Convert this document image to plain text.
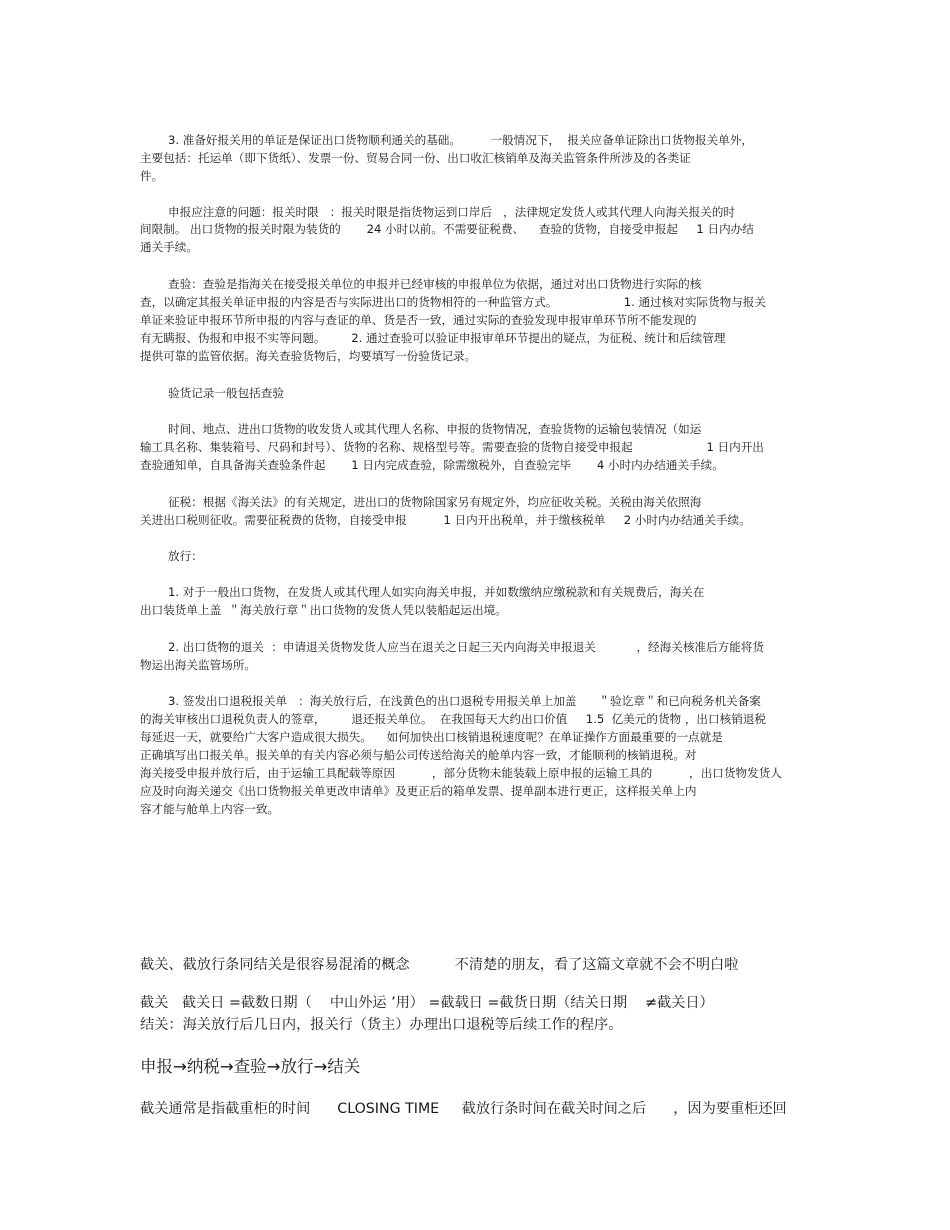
3. 准备好报关用的单证是保证出口货物顺利通关的基础。        一般情况下，  报关应备单证除出口货物报关单外，
主要包括：托运单（即下货纸）、发票一份、贸易合同一份、出口收汇核销单及海关监管条件所涉及的各类证
件。
申报应注意的问题：报关时限   ：报关时限是指货物运到口岸后   ，法律规定发货人或其代理人向海关报关的时
间限制。 出口货物的报关时限为装货的       24 小时以前。不需要征税费、    查验的货物，自接受申报起     1 日内办结
通关手续。
查验：查验是指海关在接受报关单位的申报并已经审核的申报单位为依据，通过对出口货物进行实际的核
查，以确定其报关单证申报的内容是否与实际进出口的货物相符的一种监管方式。                  1. 通过核对实际货物与报关
单证来验证申报环节所申报的内容与查证的单、货是否一致，通过实际的查验发现申报审单环节所不能发现的
有无瞒报、伪报和申报不实等问题。       2. 通过查验可以验证申报审单环节提出的疑点，为征税、统计和后续管理
提供可靠的监管依据。海关查验货物后，均要填写一份验货记录。
验货记录一般包括查验
时间、地点、进出口货物的收发货人或其代理人名称、申报的货物情况，查验货物的运输包装情况（如运
输工具名称、集装箱号、尺码和封号）、货物的名称、规格型号等。需要查验的货物自接受申报起                    1 日内开出
查验通知单，自具备海关查验条件起       1 日内完成查验，除需缴税外，自查验完毕       4 小时内办结通关手续。
征税：根据《海关法》的有关规定，进出口的货物除国家另有规定外，均应征收关税。关税由海关依照海
关进出口税则征收。需要征税费的货物，自接受申报          1 日内开出税单，并于缴核税单     2 小时内办结通关手续。
放行：
1. 对于一般出口货物，在发货人或其代理人如实向海关申报，并如数缴纳应缴税款和有关规费后，海关在
出口装货单上盖  ＂海关放行章＂出口货物的发货人凭以装船起运出境。
2. 出口货物的退关  ：申请退关货物发货人应当在退关之日起三天内向海关申报退关           ，经海关核准后方能将货
物运出海关监管场所。
3. 签发出口退税报关单   ：海关放行后，在浅黄色的出口退税专用报关单上加盖      ＂验讫章＂和已向税务机关备案
的海关审核出口退税负责人的签章，       退还报关单位。  在我国每天大约出口价值     1.5  亿美元的货物 ，出口核销退税
每延迟一天，就要给广大客户造成很大损失。    如何加快出口核销退税速度呢？在单证操作方面最重要的一点就是
正确填写出口报关单。报关单的有关内容必须与船公司传送给海关的舱单内容一致，才能顺利的核销退税。对
海关接受申报并放行后，由于运输工具配载等原因          ，部分货物未能装载上原申报的运输工具的          ，出口货物发货人
应及时向海关递交《出口货物报关单更改申请单》及更正后的箱单发票、提单副本进行更正，这样报关单上内
容才能与舱单上内容一致。
截关、截放行条同结关是很容易混淆的概念          不清楚的朋友，看了这篇文章就不会不明白啦
截关   截关日 =截数日期（    中山外运 ’用） =截载日 =截货日期（结关日期    ≠截关日）
结关：海关放行后几日内，报关行（货主）办理出口退税等后续工作的程序。
申报→纳税→查验→放行→结关
截关通常是指截重柜的时间      CLOSING TIME     截放行条时间在截关时间之后      ，因为要重柜还回
